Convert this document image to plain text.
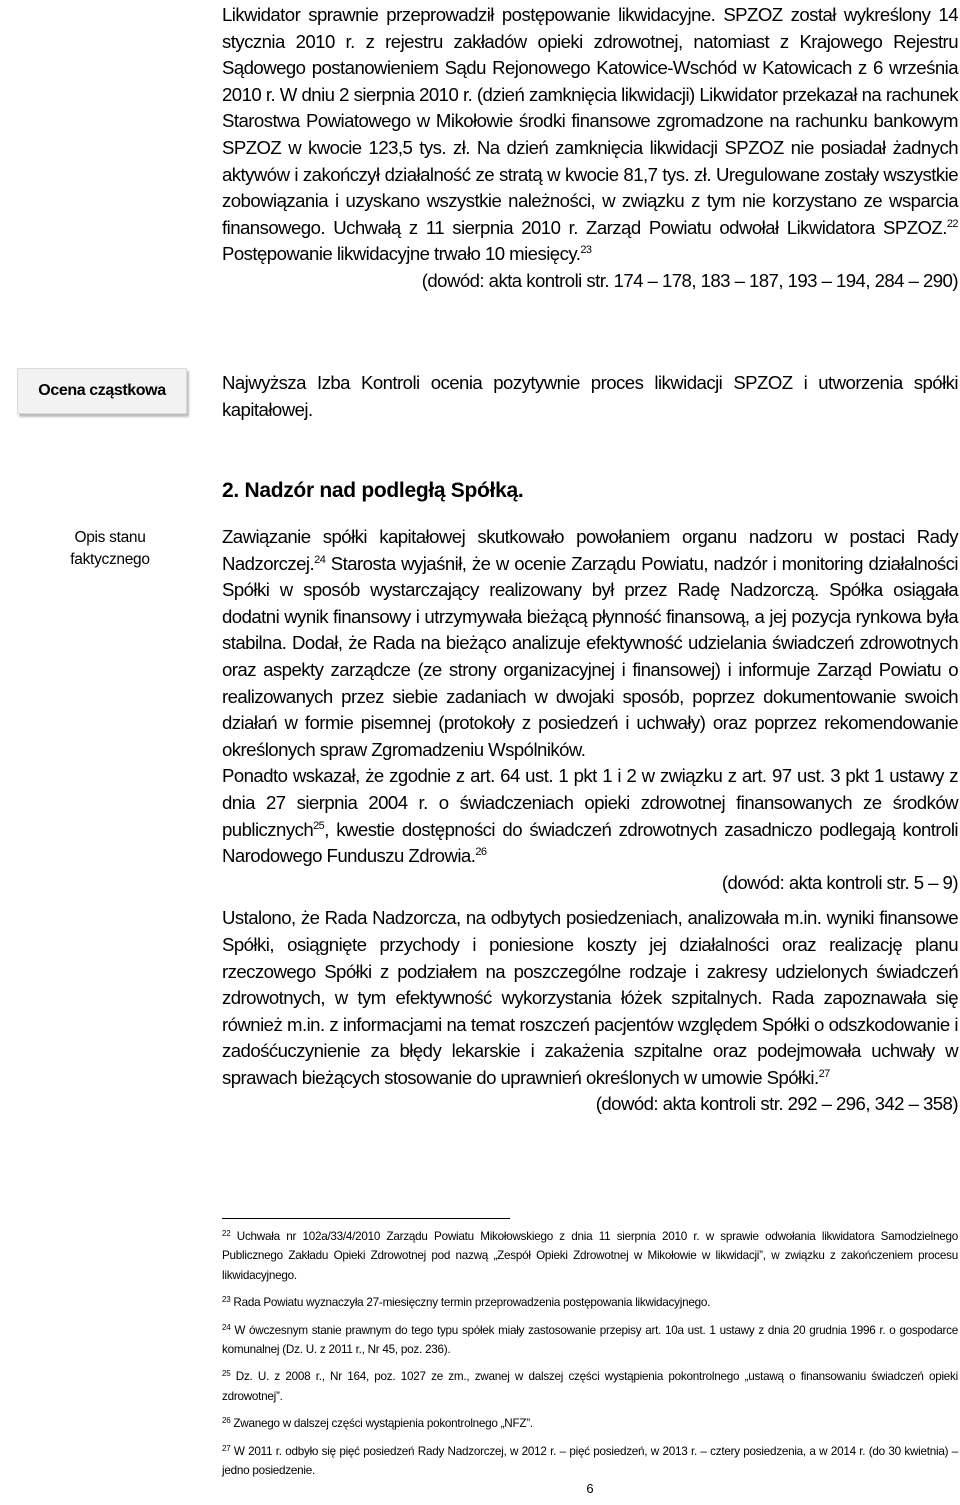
Likwidator sprawnie przeprowadził postępowanie likwidacyjne. SPZOZ został wykreślony 14 stycznia 2010 r. z rejestru zakładów opieki zdrowotnej, natomiast z Krajowego Rejestru Sądowego postanowieniem Sądu Rejonowego Katowice-Wschód w Katowicach z 6 września 2010 r. W dniu 2 sierpnia 2010 r. (dzień zamknięcia likwidacji) Likwidator przekazał na rachunek Starostwa Powiatowego w Mikołowie środki finansowe zgromadzone na rachunku bankowym SPZOZ w kwocie 123,5 tys. zł. Na dzień zamknięcia likwidacji SPZOZ nie posiadał żadnych aktywów i zakończył działalność ze stratą w kwocie 81,7 tys. zł. Uregulowane zostały wszystkie zobowiązania i uzyskano wszystkie należności, w związku z tym nie korzystano ze wsparcia finansowego. Uchwałą z 11 sierpnia 2010 r. Zarząd Powiatu odwołał Likwidatora SPZOZ.$^{22}$ Postępowanie likwidacyjne trwało 10 miesięcy.$^{23}$

(dowód: akta kontroli str. 174 – 178, 183 – 187, 193 – 194, 284 – 290)

Ocena cząstkowa	Najwyższa Izba Kontroli ocenia pozytywnie proces likwidacji SPZOZ i utworzenia spółki kapitałowej.

2. Nadzór nad podległą Spółką.
Opis stanu
faktycznego

Zawiązanie spółki kapitałowej skutkowało powołaniem organu nadzoru w postaci Rady Nadzorczej.$^{24}$ Starosta wyjaśnił, że w ocenie Zarządu Powiatu, nadzór i monitoring działalności Spółki w sposób wystarczający realizowany był przez Radę Nadzorczą. Spółka osiągała dodatni wynik finansowy i utrzymywała bieżącą płynność finansową, a jej pozycja rynkowa była stabilna. Dodał, że Rada na bieżąco analizuje efektywność udzielania świadczeń zdrowotnych oraz aspekty zarządcze (ze strony organizacyjnej i finansowej) i informuje Zarząd Powiatu o realizowanych przez siebie zadaniach w dwojaki sposób, poprzez dokumentowanie swoich działań w formie pisemnej (protokoły z posiedzeń i uchwały) oraz poprzez rekomendowanie określonych spraw Zgromadzeniu Wspólników.

Ponadto wskazał, że zgodnie z art. 64 ust. 1 pkt 1 i 2 w związku z art. 97 ust. 3 pkt 1 ustawy z dnia 27 sierpnia 2004 r. o świadczeniach opieki zdrowotnej finansowanych ze środków publicznych$^{25}$, kwestie dostępności do świadczeń zdrowotnych zasadniczo podlegają kontroli Narodowego Funduszu Zdrowia.$^{26}$

(dowód: akta kontroli str. 5 – 9)

Ustalono, że Rada Nadzorcza, na odbytych posiedzeniach, analizowała m.in. wyniki finansowe Spółki, osiągnięte przychody i poniesione koszty jej działalności oraz realizację planu rzeczowego Spółki z podziałem na poszczególne rodzaje i zakresy udzielonych świadczeń zdrowotnych, w tym efektywność wykorzystania łóżek szpitalnych. Rada zapoznawała się również m.in. z informacjami na temat roszczeń pacjentów względem Spółki o odszkodowanie i zadośćuczynienie za błędy lekarskie i zakażenia szpitalne oraz podejmowała uchwały w sprawach bieżących stosowanie do uprawnień określonych w umowie Spółki.$^{27}$

(dowód: akta kontroli str. 292 – 296, 342 – 358)

$^{22}$ Uchwała nr 102a/33/4/2010 Zarządu Powiatu Mikołowskiego z dnia 11 sierpnia 2010 r. w sprawie odwołania likwidatora Samodzielnego Publicznego Zakładu Opieki Zdrowotnej pod nazwą „Zespół Opieki Zdrowotnej w Mikołowie w likwidacji”, w związku z zakończeniem procesu likwidacyjnego.

$^{23}$ Rada Powiatu wyznaczyła 27-miesięczny termin przeprowadzenia postępowania likwidacyjnego.

$^{24}$ W ówczesnym stanie prawnym do tego typu spółek miały zastosowanie przepisy art. 10a ust. 1 ustawy z dnia 20 grudnia 1996 r. o gospodarce komunalnej (Dz. U. z 2011 r., Nr 45, poz. 236).

$^{25}$ Dz. U. z 2008 r., Nr 164, poz. 1027 ze zm., zwanej w dalszej części wystąpienia pokontrolnego „ustawą o finansowaniu świadczeń opieki zdrowotnej”.

$^{26}$ Zwanego w dalszej części wystąpienia pokontrolnego „NFZ”.

$^{27}$ W 2011 r. odbyło się pięć posiedzeń Rady Nadzorczej, w 2012 r. – pięć posiedzeń, w 2013 r. – cztery posiedzenia, a w 2014 r. (do 30 kwietnia) – jedno posiedzenie.

6
